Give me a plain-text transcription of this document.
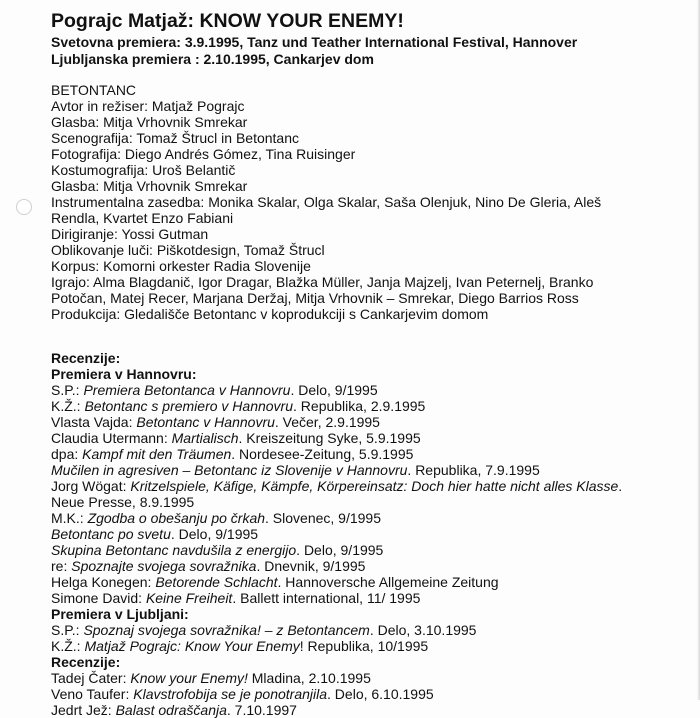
Pograjc Matjaž: KNOW YOUR ENEMY!

Svetovna premiera: 3.9.1995, Tanz und Teather International Festival, Hannover

Ljubljanska premiera : 2.10.1995, Cankarjev dom

BETONTANC

Avtor in režiser: Matjaž Pograjc

Glasba: Mitja Vrhovnik Smrekar

Scenografija: Tomaž Štrucl in Betontanc

Fotografija: Diego Andrés Gómez, Tina Ruisinger

Kostumografija: Uroš Belantič

Glasba: Mitja Vrhovnik Smrekar

Instrumentalna zasedba: Monika Skalar, Olga Skalar, Saša Olenjuk, Nino De Gleria, Aleš

Rendla, Kvartet Enzo Fabiani

Dirigiranje: Yossi Gutman

Oblikovanje luči: Piškotdesign, Tomaž Štrucl

Korpus: Komorni orkester Radia Slovenije

Igrajo: Alma Blagdanič, Igor Dragar, Blažka Müller, Janja Majzelj, Ivan Peternelj, Branko

Potočan, Matej Recer, Marjana Deržaj, Mitja Vrhovnik – Smrekar, Diego Barrios Ross

Produkcija: Gledališče Betontanc v koprodukciji s Cankarjevim domom

Recenzije:

Premiera v Hannovru:

S.P.: Premiera Betontanca v Hannovru. Delo, 9/1995

K.Ž.: Betontanc s premiero v Hannovru. Republika, 2.9.1995

Vlasta Vajda: Betontanc v Hannovru. Večer, 2.9.1995

Claudia Utermann: Martialisch. Kreiszeitung Syke, 5.9.1995

dpa: Kampf mit den Träumen. Nordesee-Zeitung, 5.9.1995

Mučilen in agresiven – Betontanc iz Slovenije v Hannovru. Republika, 7.9.1995

Jorg Wögat: Kritzelspiele, Käfige, Kämpfe, Körpereinsatz: Doch hier hatte nicht alles Klasse.

Neue Presse, 8.9.1995

M.K.: Zgodba o obešanju po črkah. Slovenec, 9/1995

Betontanc po svetu. Delo, 9/1995

Skupina Betontanc navdušila z energijo. Delo, 9/1995

re: Spoznajte svojega sovražnika. Dnevnik, 9/1995

Helga Konegen: Betorende Schlacht. Hannoversche Allgemeine Zeitung

Simone David: Keine Freiheit. Ballett international, 11/ 1995

Premiera v Ljubljani:

S.P.: Spoznaj svojega sovražnika! – z Betontancem. Delo, 3.10.1995

K.Ž.: Matjaž Pograjc: Know Your Enemy! Republika, 10/1995

Recenzije:

Tadej Čater: Know your Enemy! Mladina, 2.10.1995

Veno Taufer: Klavstrofobija se je ponotranjila. Delo, 6.10.1995

Jedrt Jež: Balast odraščanja. 7.10.1997
